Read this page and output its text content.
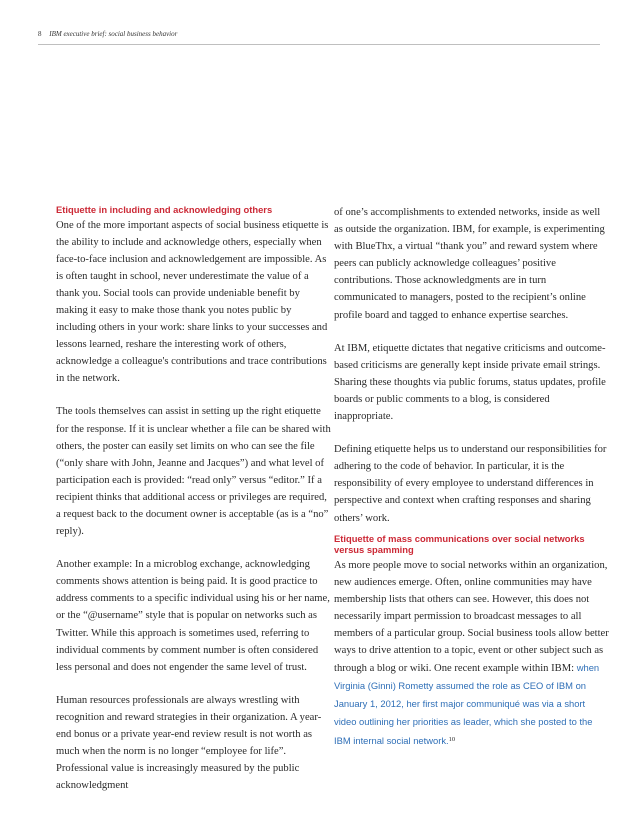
8 IBM executive brief: social business behavior
Etiquette in including and acknowledging others

One of the more important aspects of social business etiquette is the ability to include and acknowledge others, especially when face-to-face inclusion and acknowledgement are impossible. As is often taught in school, never underestimate the value of a thank you. Social tools can provide undeniable benefit by making it easy to make those thank you notes public by including others in your work: share links to your successes and lessons learned, reshare the interesting work of others, acknowledge a colleague's contributions and trace contributions in the network.

The tools themselves can assist in setting up the right etiquette for the response. If it is unclear whether a file can be shared with others, the poster can easily set limits on who can see the file (“only share with John, Jeanne and Jacques”) and what level of participation each is provided: “read only” versus “editor.” If a recipient thinks that additional access or privileges are required, a request back to the document owner is acceptable (as is a “no” reply).

Another example: In a microblog exchange, acknowledging comments shows attention is being paid. It is good practice to address comments to a specific individual using his or her name, or the “@username” style that is popular on networks such as Twitter. While this approach is sometimes used, referring to individual comments by comment number is often considered less personal and does not engender the same level of trust.

Human resources professionals are always wrestling with recognition and reward strategies in their organization. A year-end bonus or a private year-end review result is not worth as much when the norm is no longer “employee for life”. Professional value is increasingly measured by the public acknowledgment

of one’s accomplishments to extended networks, inside as well as outside the organization. IBM, for example, is experimenting with BlueThx, a virtual “thank you” and reward system where peers can publicly acknowledge colleagues’ positive contributions. Those acknowledgments are in turn communicated to managers, posted to the recipient’s online profile board and tagged to enhance expertise searches.

At IBM, etiquette dictates that negative criticisms and outcome-based criticisms are generally kept inside private email strings. Sharing these thoughts via public forums, status updates, profile boards or public comments to a blog, is considered inappropriate.

Defining etiquette helps us to understand our responsibilities for adhering to the code of behavior. In particular, it is the responsibility of every employee to understand differences in perspective and context when crafting responses and sharing others’ work.

Etiquette of mass communications over social networks versus spamming

As more people move to social networks within an organization, new audiences emerge. Often, online communities may have membership lists that others can see. However, this does not necessarily impart permission to broadcast messages to all members of a particular group. Social business tools allow better ways to drive attention to a topic, event or other subject such as through a blog or wiki. One recent example within IBM: when Virginia (Ginni) Rometty assumed the role as CEO of IBM on January 1, 2012, her first major communiqué was via a short video outlining her priorities as leader, which she posted to the IBM internal social network.$^{10}$
